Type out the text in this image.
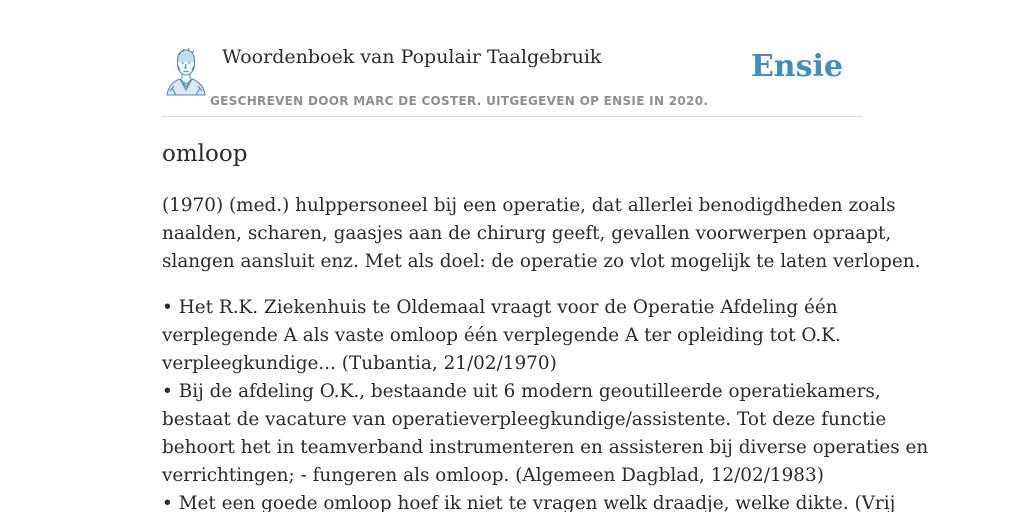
Woordenboek van Populair Taalgebruik
GESCHREVEN DOOR MARC DE COSTER. UITGEGEVEN OP ENSIE IN 2020.
Ensie
omloop

(1970) (med.) hulppersoneel bij een operatie, dat allerlei benodigdheden zoals
naalden, scharen, gaasjes aan de chirurg geeft, gevallen voorwerpen opraapt,
slangen aansluit enz. Met als doel: de operatie zo vlot mogelijk te laten verlopen.

• Het R.K. Ziekenhuis te Oldemaal vraagt voor de Operatie Afdeling één
verplegende A als vaste omloop één verplegende A ter opleiding tot O.K.
verpleegkundige... (Tubantia, 21/02/1970)
• Bij de afdeling O.K., bestaande uit 6 modern geoutilleerde operatiekamers,
bestaat de vacature van operatieverpleegkundige/assistente. Tot deze functie
behoort het in teamverband instrumenteren en assisteren bij diverse operaties en
verrichtingen; - fungeren als omloop. (Algemeen Dagblad, 12/02/1983)
• Met een goede omloop hoef ik niet te vragen welk draadje, welke dikte. (Vrij
